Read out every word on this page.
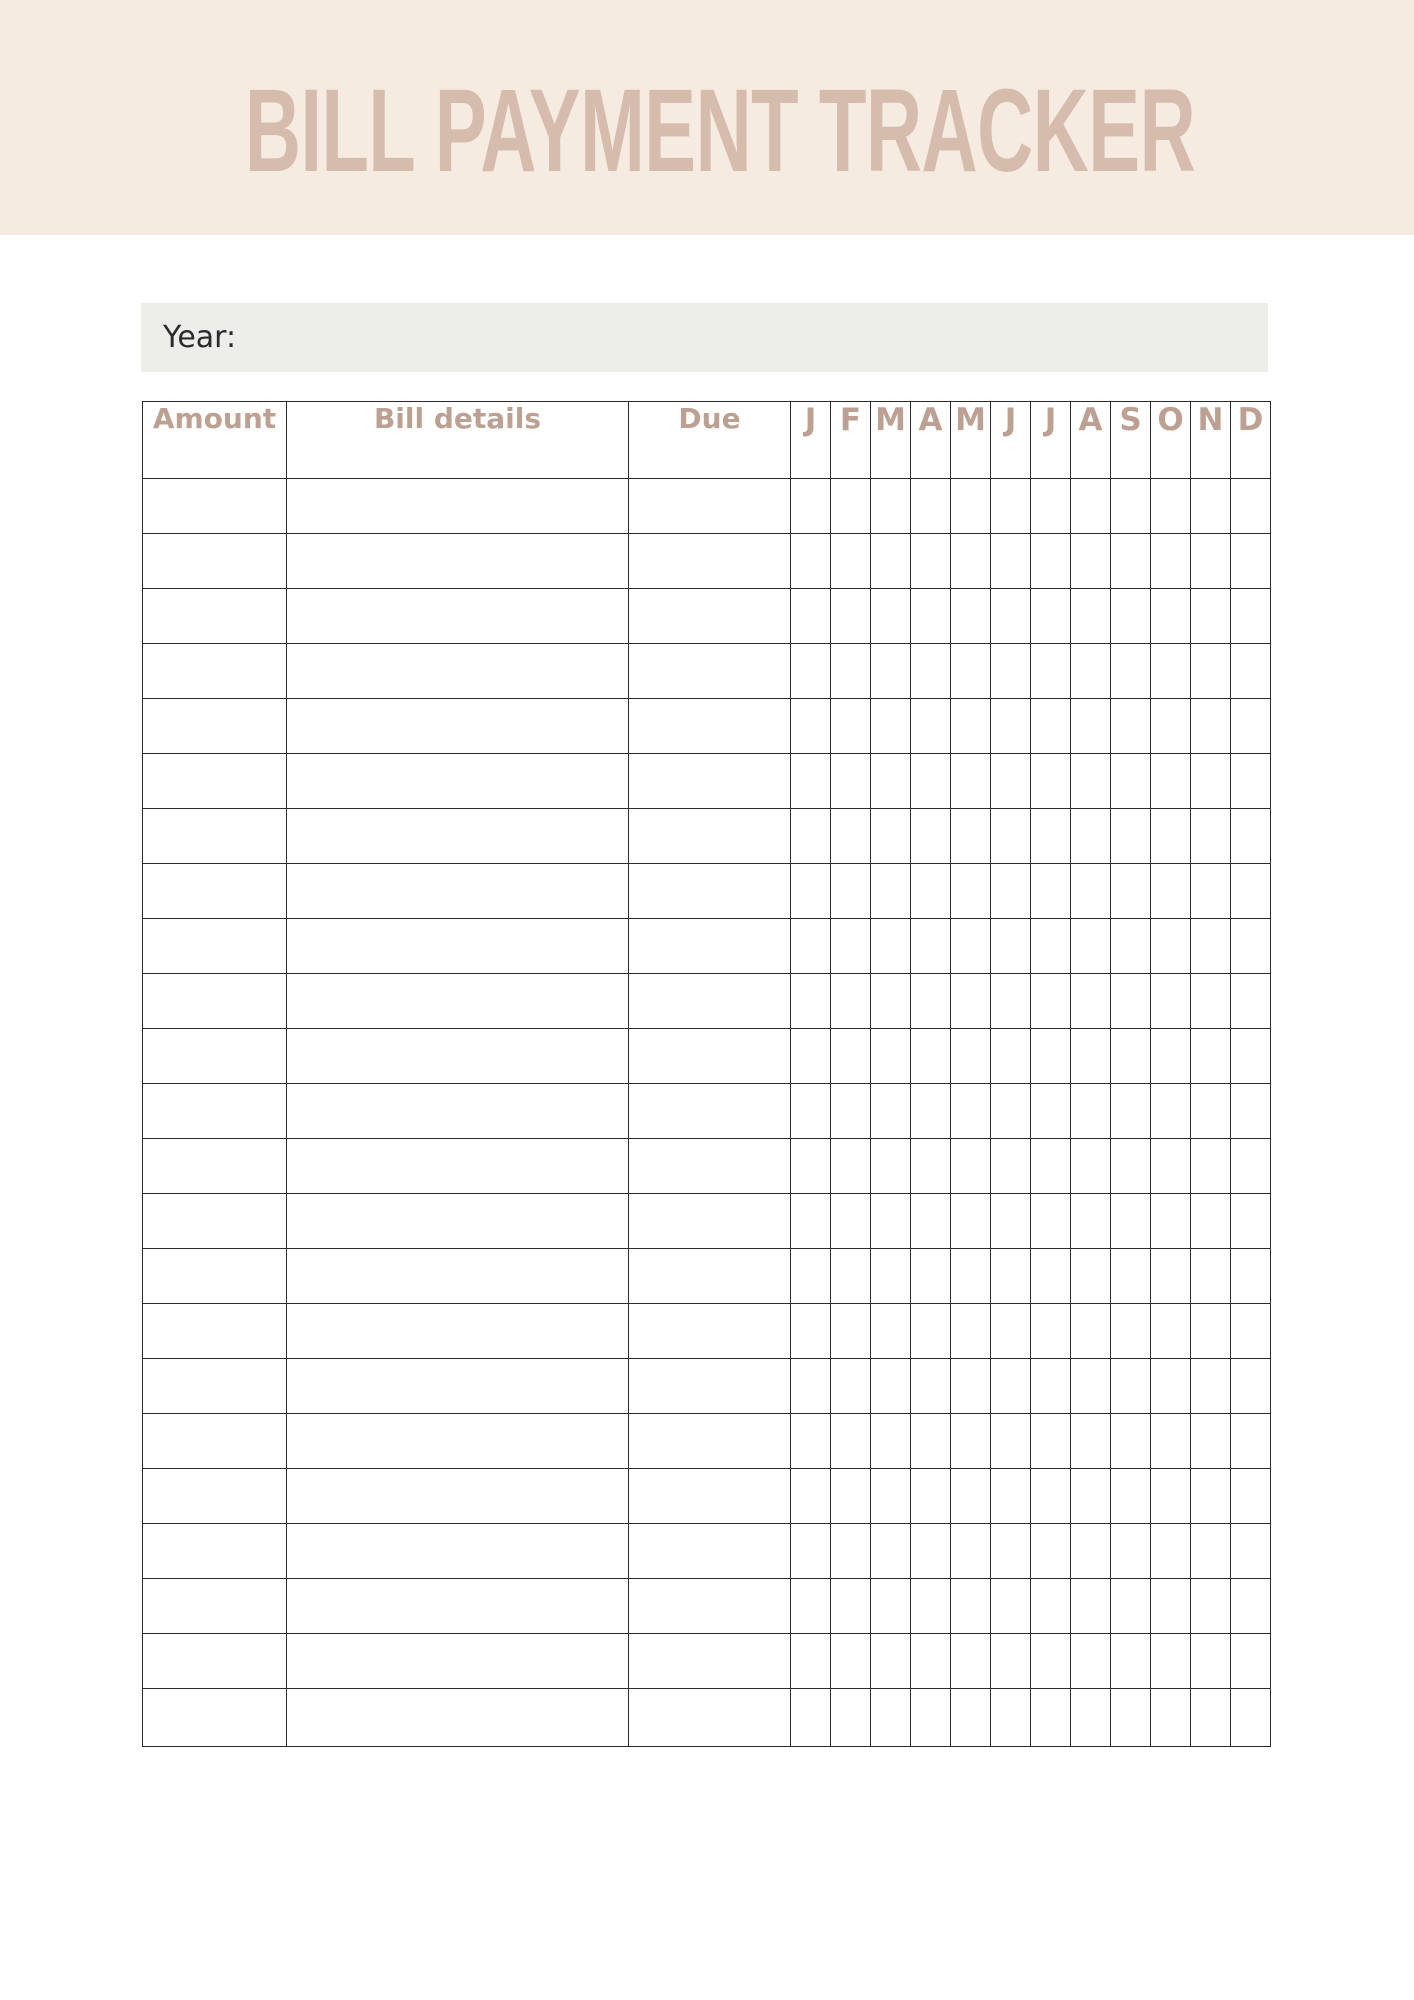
BILL PAYMENT TRACKER
Year:
Amount	Bill details	Due	J	F	M	A	M	J	J	A	S	O	N	D
